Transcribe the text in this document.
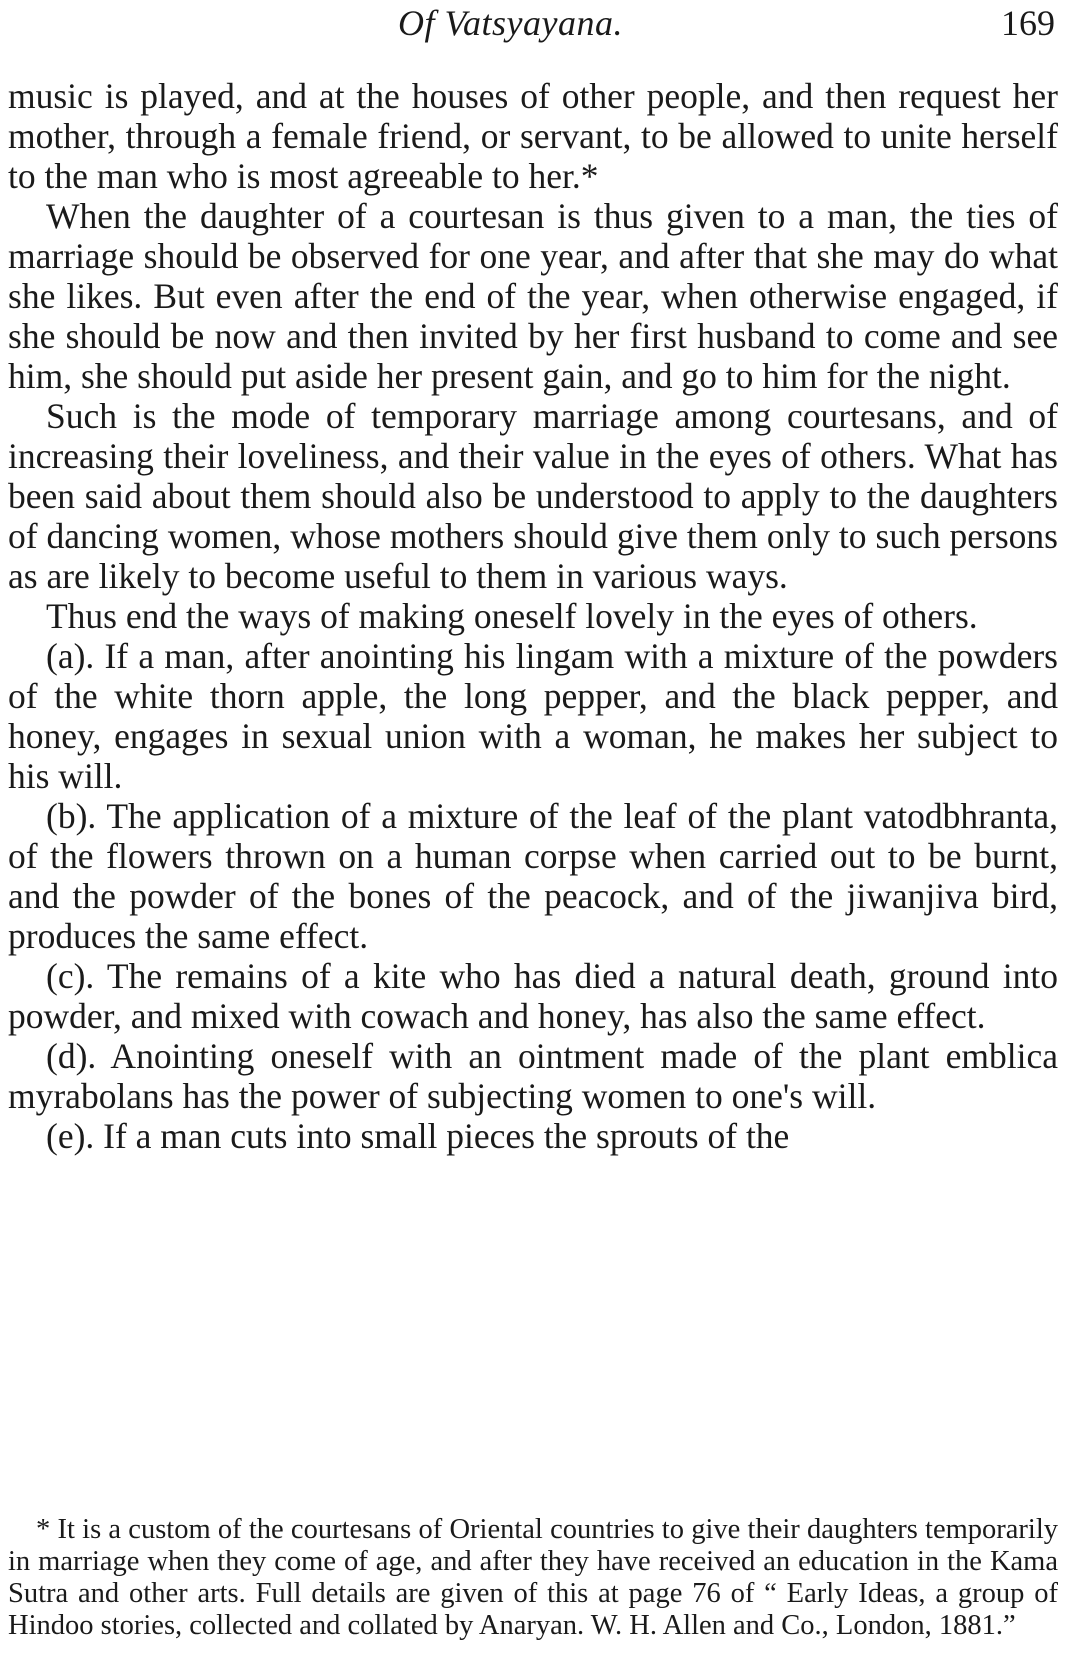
Of Vatsyayana.	169

music is played, and at the houses of other people, and then request her mother, through a female friend, or servant, to be allowed to unite herself to the man who is most agreeable to her.*

When the daughter of a courtesan is thus given to a man, the ties of marriage should be observed for one year, and after that she may do what she likes. But even after the end of the year, when otherwise engaged, if she should be now and then invited by her first husband to come and see him, she should put aside her present gain, and go to him for the night.

Such is the mode of temporary marriage among courtesans, and of increasing their loveliness, and their value in the eyes of others. What has been said about them should also be understood to apply to the daughters of dancing women, whose mothers should give them only to such persons as are likely to become useful to them in various ways.

Thus end the ways of making oneself lovely in the eyes of others.

(a). If a man, after anointing his lingam with a mixture of the powders of the white thorn apple, the long pepper, and the black pepper, and honey, engages in sexual union with a woman, he makes her subject to his will.

(b). The application of a mixture of the leaf of the plant vatodbhranta, of the flowers thrown on a human corpse when carried out to be burnt, and the powder of the bones of the peacock, and of the jiwanjiva bird, produces the same effect.

(c). The remains of a kite who has died a natural death, ground into powder, and mixed with cowach and honey, has also the same effect.

(d). Anointing oneself with an ointment made of the plant emblica myrabolans has the power of subjecting women to one's will.

(e). If a man cuts into small pieces the sprouts of the

* It is a custom of the courtesans of Oriental countries to give their daughters temporarily in marriage when they come of age, and after they have received an education in the Kama Sutra and other arts. Full details are given of this at page 76 of “ Early Ideas, a group of Hindoo stories, collected and collated by Anaryan. W. H. Allen and Co., London, 1881.”
